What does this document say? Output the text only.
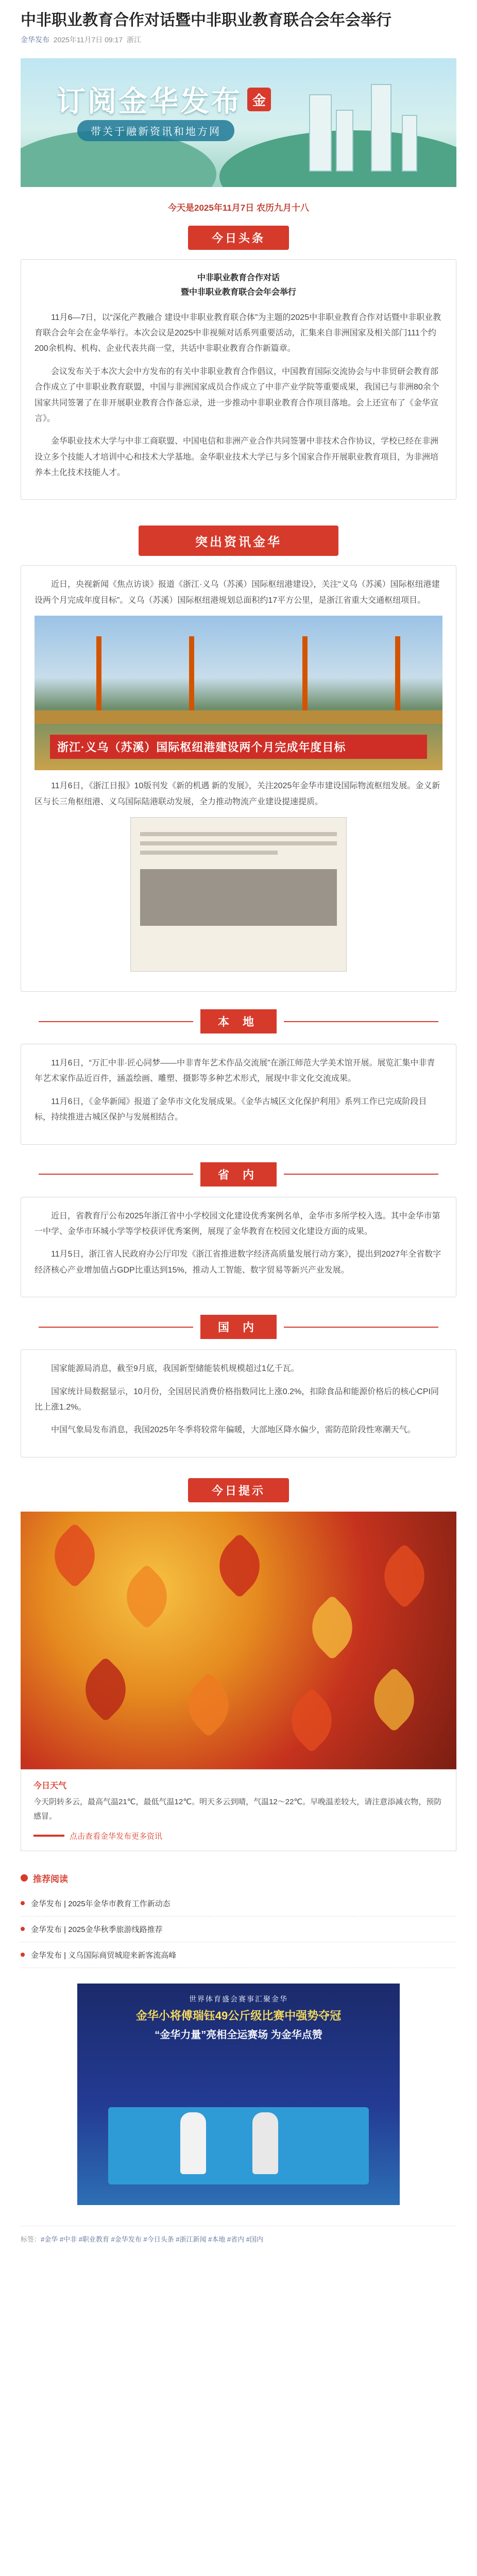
中非职业教育合作对话暨中非职业教育联合会年会举行
金华发布 2025年11月7日 09:17 浙江
订阅金华发布 金
带关于融新资讯和地方网
今天是2025年11月7日 农历九月十八
今日头条

中非职业教育合作对话

暨中非职业教育联合会年会举行

11月6—7日，以“深化产教融合 建设中非职业教育联合体”为主题的2025中非职业教育合作对话暨中非职业教育联合会年会在金华举行。本次会议是2025中非视频对话系列重要活动，汇集来自非洲国家及相关部门111个约200余机构、机构、企业代表共商一堂，共话中非职业教育合作新篇章。

会议发布关于本次大会中方发布的有关中非职业教育合作倡议，中国教育国际交流协会与中非贸研会教育部合作成立了中非职业教育联盟，中国与非洲国家成员合作成立了中非产业学院等重要成果，我国已与非洲80余个国家共同签署了在非开展职业教育合作备忘录，进一步推动中非职业教育合作项目落地。会上还宣布了《金华宣言》。

金华职业技术大学与中非工商联盟、中国电信和非洲产业合作共同签署中非技术合作协议，学校已经在非洲设立多个技能人才培训中心和技术大学基地。金华职业技术大学已与多个国家合作开展职业教育项目，为非洲培养本土化技术技能人才。

突出资讯金华

近日，央视新闻《焦点访谈》报道《浙江·义乌（苏溪）国际枢纽港建设》，关注“义乌（苏溪）国际枢纽港建设两个月完成年度目标”。义乌（苏溪）国际枢纽港规划总面积约17平方公里，是浙江省重大交通枢纽项目。

浙江·义乌（苏溪）国际枢纽港建设两个月完成年度目标

11月6日，《浙江日报》10版刊发《新的机遇 新的发展》，关注2025年金华市建设国际物流枢纽发展。金义新区与长三角枢纽港、义乌国际陆港联动发展，全力推动物流产业建设提速提质。

本 地

11月6日，“万汇中非·匠心同梦——中非青年艺术作品交流展”在浙江师范大学美术馆开展。展览汇集中非青年艺术家作品近百件，涵盖绘画、雕塑、摄影等多种艺术形式，展现中非文化交流成果。

11月6日，《金华新闻》报道了金华市文化发展成果。《金华古城区文化保护利用》系列工作已完成阶段目标，持续推进古城区保护与发展相结合。

省 内

近日，省教育厅公布2025年浙江省中小学校园文化建设优秀案例名单，金华市多所学校入选。其中金华市第一中学、金华市环城小学等学校获评优秀案例，展现了金华教育在校园文化建设方面的成果。

11月5日，浙江省人民政府办公厅印发《浙江省推进数字经济高质量发展行动方案》，提出到2027年全省数字经济核心产业增加值占GDP比重达到15%，推动人工智能、数字贸易等新兴产业发展。

国 内

国家能源局消息，截至9月底，我国新型储能装机规模超过1亿千瓦。

国家统计局数据显示，10月份，全国居民消费价格指数同比上涨0.2%，扣除食品和能源价格后的核心CPI同比上涨1.2%。

中国气象局发布消息，我国2025年冬季将较常年偏暖，大部地区降水偏少，需防范阶段性寒潮天气。

今日提示
今日天气

今天阴转多云，最高气温21℃，最低气温12℃。明天多云到晴，气温12～22℃。早晚温差较大，请注意添减衣物，预防感冒。

点击查看金华发布更多资讯
推荐阅读
金华发布 | 2025年金华市教育工作新动态
金华发布 | 2025金华秋季旅游线路推荐
金华发布 | 义乌国际商贸城迎来新客流高峰
世界体育盛会赛事汇聚金华
金华小将傅瑞钰49公斤级比赛中强势夺冠
“金华力量”亮相全运赛场 为金华点赞
标签：#金华 #中非 #职业教育 #金华发布 #今日头条 #浙江新闻 #本地 #省内 #国内
